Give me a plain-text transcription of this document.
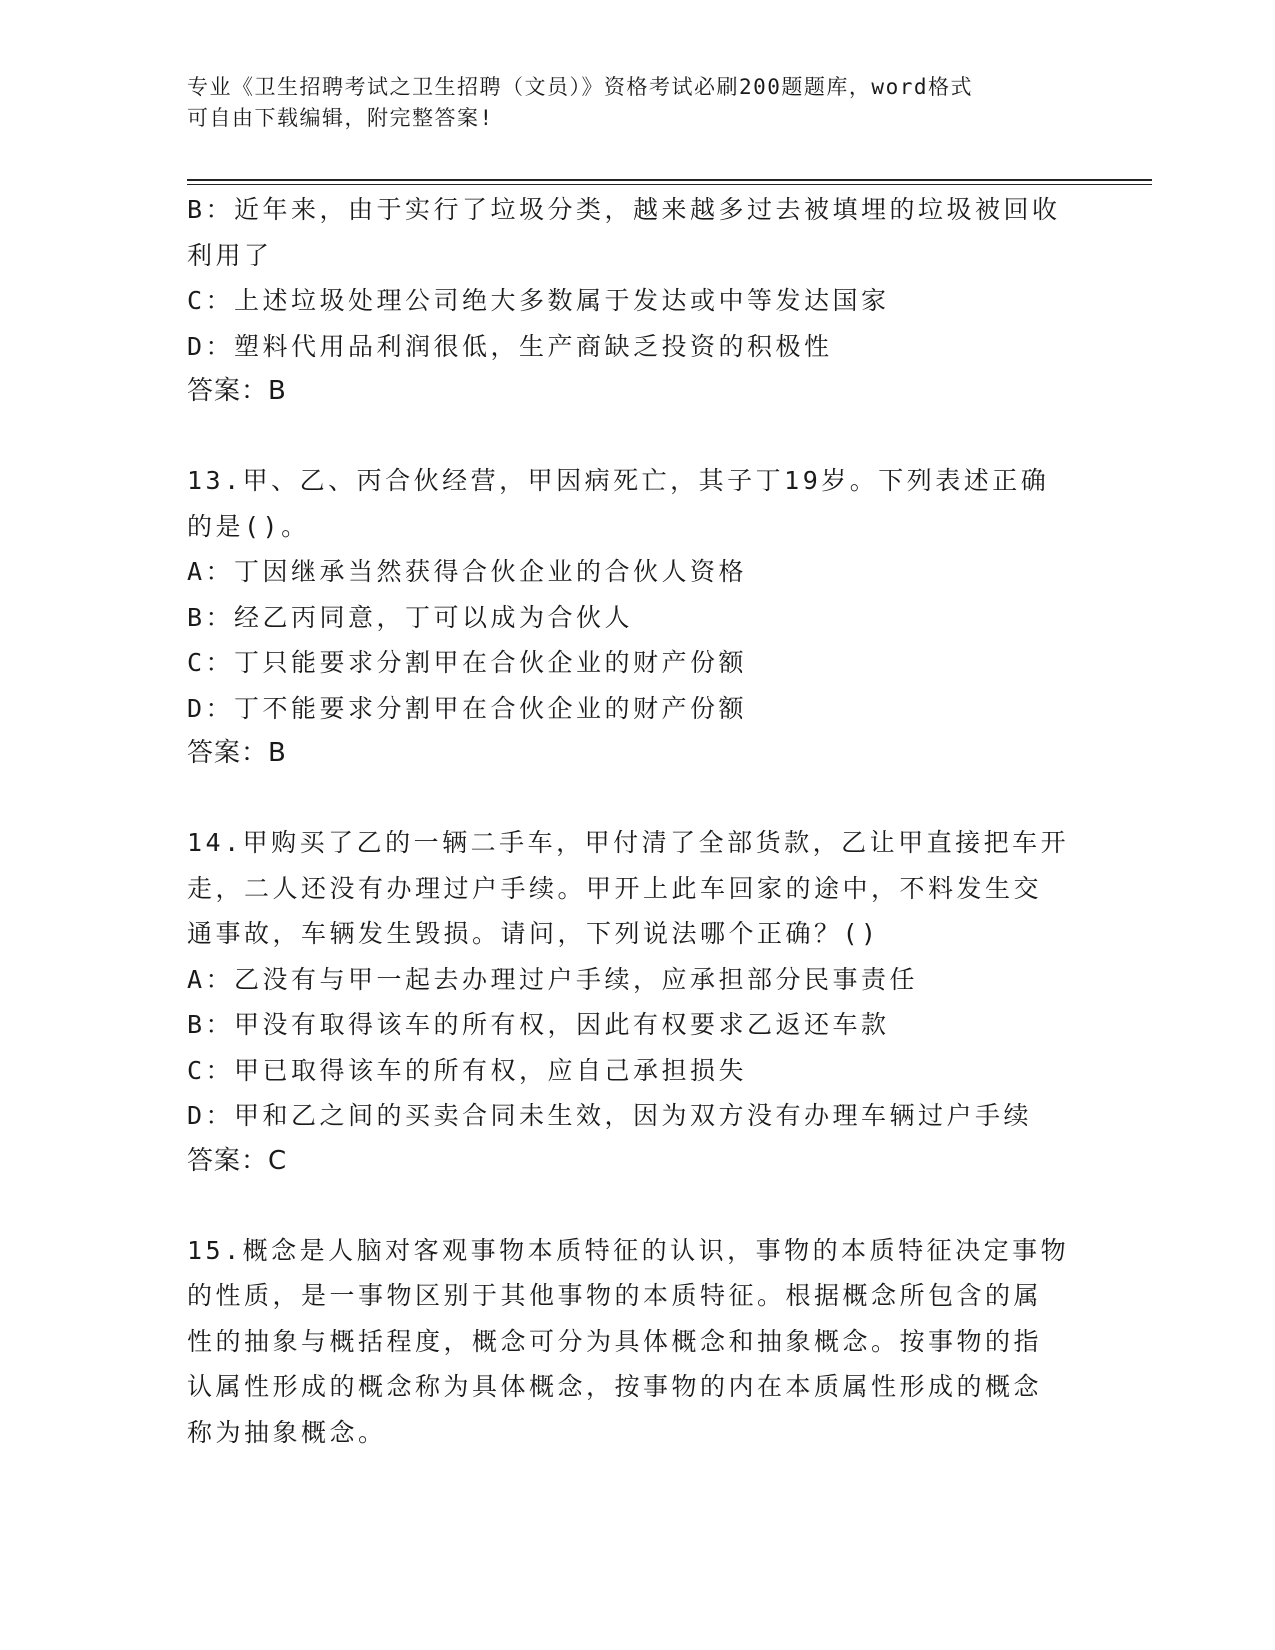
专业《卫生招聘考试之卫生招聘（文员）》资格考试必刷200题题库，word格式
可自由下载编辑，附完整答案!
B：近年来，由于实行了垃圾分类，越来越多过去被填埋的垃圾被回收
利用了
C：上述垃圾处理公司绝大多数属于发达或中等发达国家
D：塑料代用品利润很低，生产商缺乏投资的积极性
答案：B
13.甲、乙、丙合伙经营，甲因病死亡，其子丁19岁。下列表述正确
的是()。
A：丁因继承当然获得合伙企业的合伙人资格
B：经乙丙同意，丁可以成为合伙人
C：丁只能要求分割甲在合伙企业的财产份额
D：丁不能要求分割甲在合伙企业的财产份额
答案：B
14.甲购买了乙的一辆二手车，甲付清了全部货款，乙让甲直接把车开
走，二人还没有办理过户手续。甲开上此车回家的途中，不料发生交
通事故，车辆发生毁损。请问，下列说法哪个正确？()
A：乙没有与甲一起去办理过户手续，应承担部分民事责任
B：甲没有取得该车的所有权，因此有权要求乙返还车款
C：甲已取得该车的所有权，应自己承担损失
D：甲和乙之间的买卖合同未生效，因为双方没有办理车辆过户手续
答案：C
15.概念是人脑对客观事物本质特征的认识，事物的本质特征决定事物
的性质，是一事物区别于其他事物的本质特征。根据概念所包含的属
性的抽象与概括程度，概念可分为具体概念和抽象概念。按事物的指
认属性形成的概念称为具体概念，按事物的内在本质属性形成的概念
称为抽象概念。
